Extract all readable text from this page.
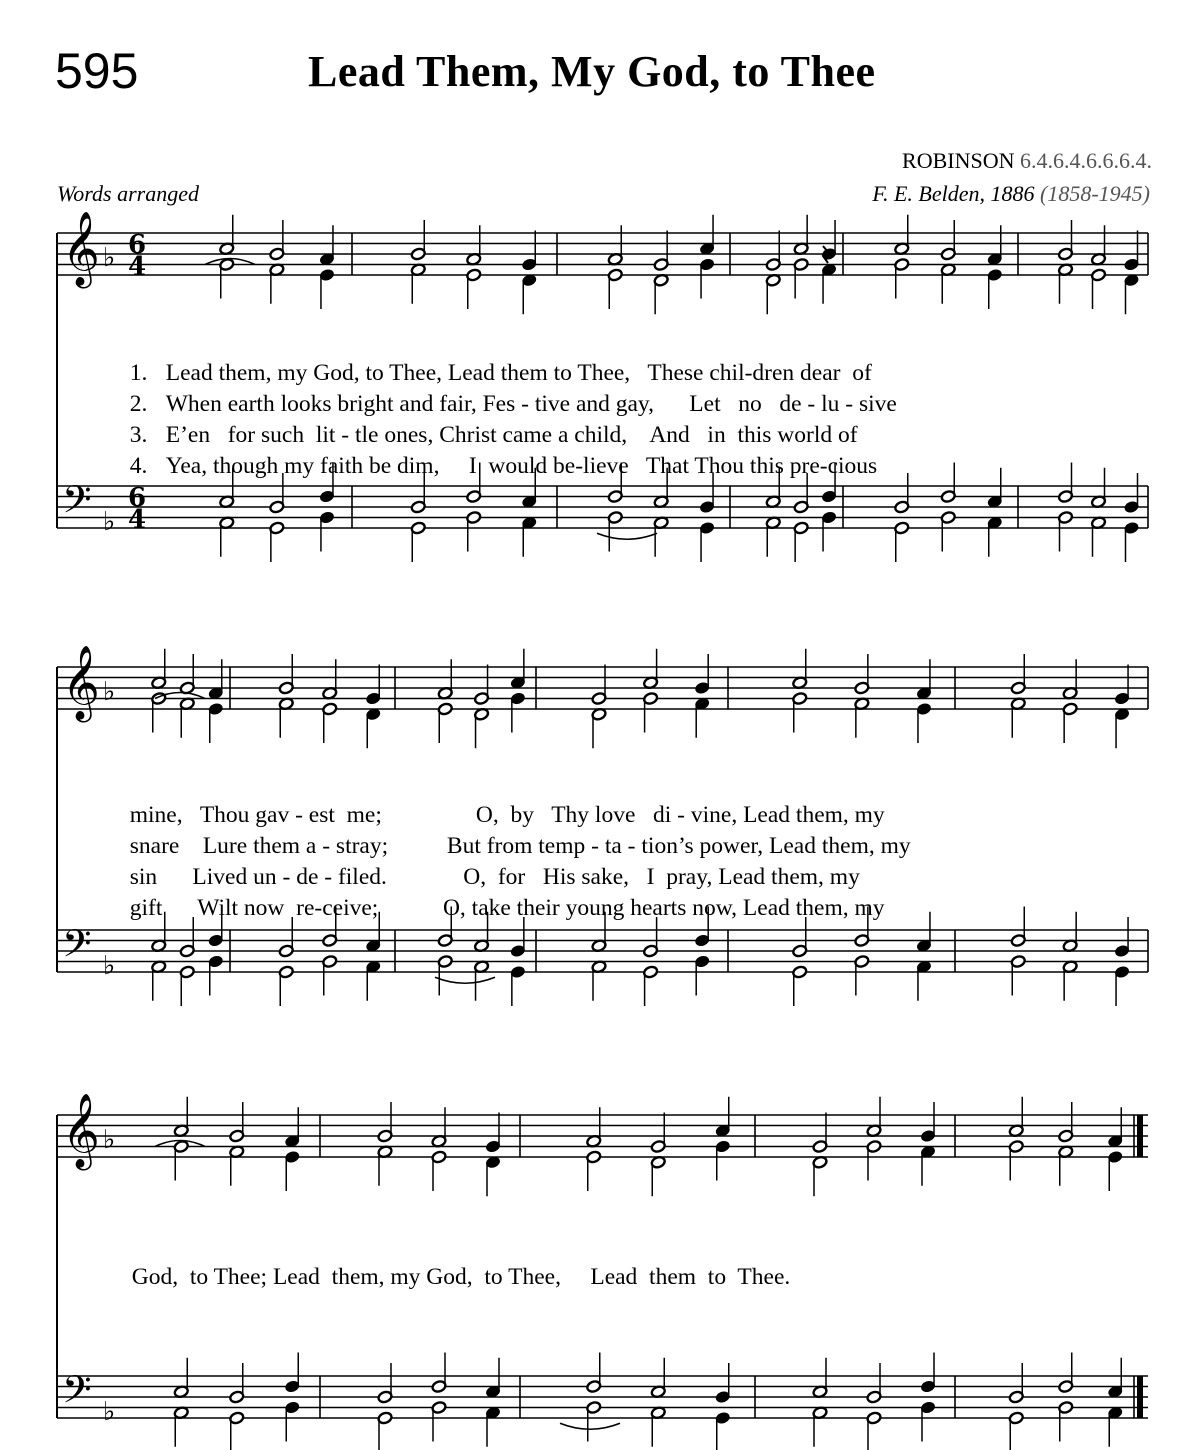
595	Lead Them, My God, to Thee
ROBINSON 6.4.6.4.6.6.6.4.
Words arranged	F. E. Belden, 1886 (1858-1945)
𝄞
𝄢
♭
♭
6
4
6
4
𝄞
𝄢
♭
♭
𝄞
𝄢
♭
♭

1. Lead them, my God, to Thee, Lead them to Thee,   These chil-dren dear  of

2. When earth looks bright and fair, Fes - tive and gay,      Let   no   de - lu - sive

3. E’en   for such  lit - tle ones, Christ came a child,    And   in  this world of

4. Yea, though my faith be dim,     I  would be-lieve   That Thou this pre-cious

mine,   Thou gav - est  me;                O,  by   Thy love   di - vine, Lead them, my

snare    Lure them a - stray;          But from temp - ta - tion’s power, Lead them, my

sin      Lived un - de - filed.             O,  for   His sake,   I  pray, Lead them, my

gift      Wilt now  re-ceive;           O, take their young hearts now, Lead them, my

God,  to Thee; Lead  them, my God,  to Thee,     Lead  them  to  Thee.
